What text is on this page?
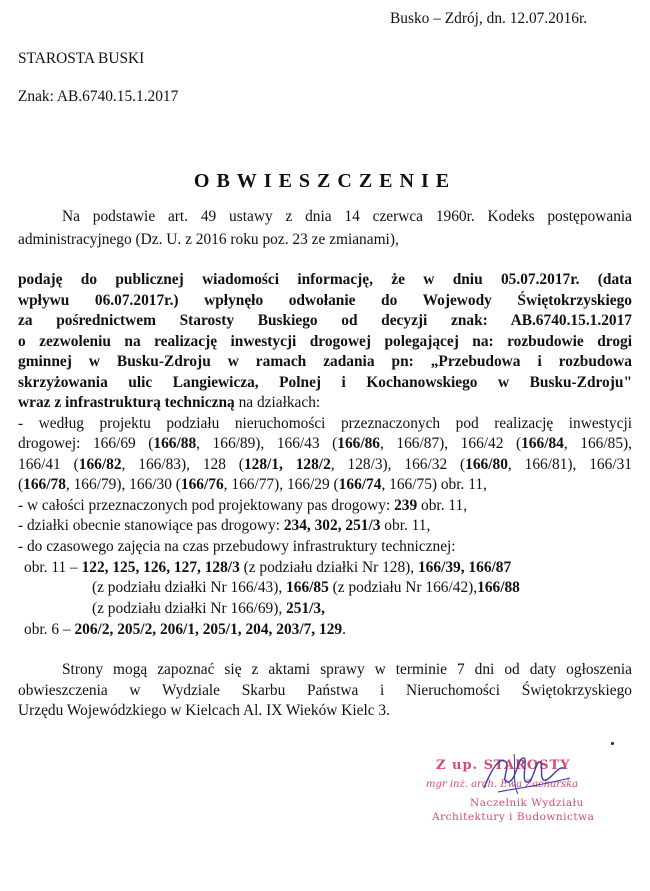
Busko – Zdrój, dn. 12.07.2016r.
STAROSTA BUSKI
Znak: AB.6740.15.1.2017
OBWIESZCZENIE
Na podstawie art. 49 ustawy z dnia 14 czerwca 1960r. Kodeks postępowania
administracyjnego (Dz. U. z 2016 roku poz. 23 ze zmianami),
podaję do publicznej wiadomości informację, że w dniu 05.07.2017r. (data
wpływu 06.07.2017r.) wpłynęło odwołanie do Wojewody Świętokrzyskiego
za pośrednictwem Starosty Buskiego od decyzji znak: AB.6740.15.1.2017
o zezwoleniu na realizację inwestycji drogowej polegającej na: rozbudowie drogi
gminnej w Busku-Zdroju w ramach zadania pn: „Przebudowa i rozbudowa
skrzyżowania ulic Langiewicza, Polnej i Kochanowskiego w Busku-Zdroju"
wraz z infrastrukturą techniczną na działkach:
- według projektu podziału nieruchomości przeznaczonych pod realizację inwestycji
drogowej: 166/69 (166/88, 166/89), 166/43 (166/86, 166/87), 166/42 (166/84, 166/85),
166/41 (166/82, 166/83), 128 (128/1, 128/2, 128/3), 166/32 (166/80, 166/81), 166/31
(166/78, 166/79), 166/30 (166/76, 166/77), 166/29 (166/74, 166/75) obr. 11,
- w całości przeznaczonych pod projektowany pas drogowy: 239 obr. 11,
- działki obecnie stanowiące pas drogowy: 234, 302, 251/3 obr. 11,
- do czasowego zajęcia na czas przebudowy infrastruktury technicznej:
obr. 11 – 122, 125, 126, 127, 128/3 (z podziału działki Nr 128), 166/39, 166/87
(z podziału działki Nr 166/43), 166/85 (z podziału Nr 166/42),166/88
(z podziału działki Nr 166/69), 251/3,
obr. 6 – 206/2, 205/2, 206/1, 205/1, 204, 203/7, 129.
Strony mogą zapoznać się z aktami sprawy w terminie 7 dni od daty ogłoszenia
obwieszczenia w Wydziale Skarbu Państwa i Nieruchomości Świętokrzyskiego
Urzędu Wojewódzkiego w Kielcach Al. IX Wieków Kielc 3.
Z up. STAROSTY
mgr inż. arch. Ewa Zacharska
Naczelnik Wydziału
Architektury i Budownictwa
